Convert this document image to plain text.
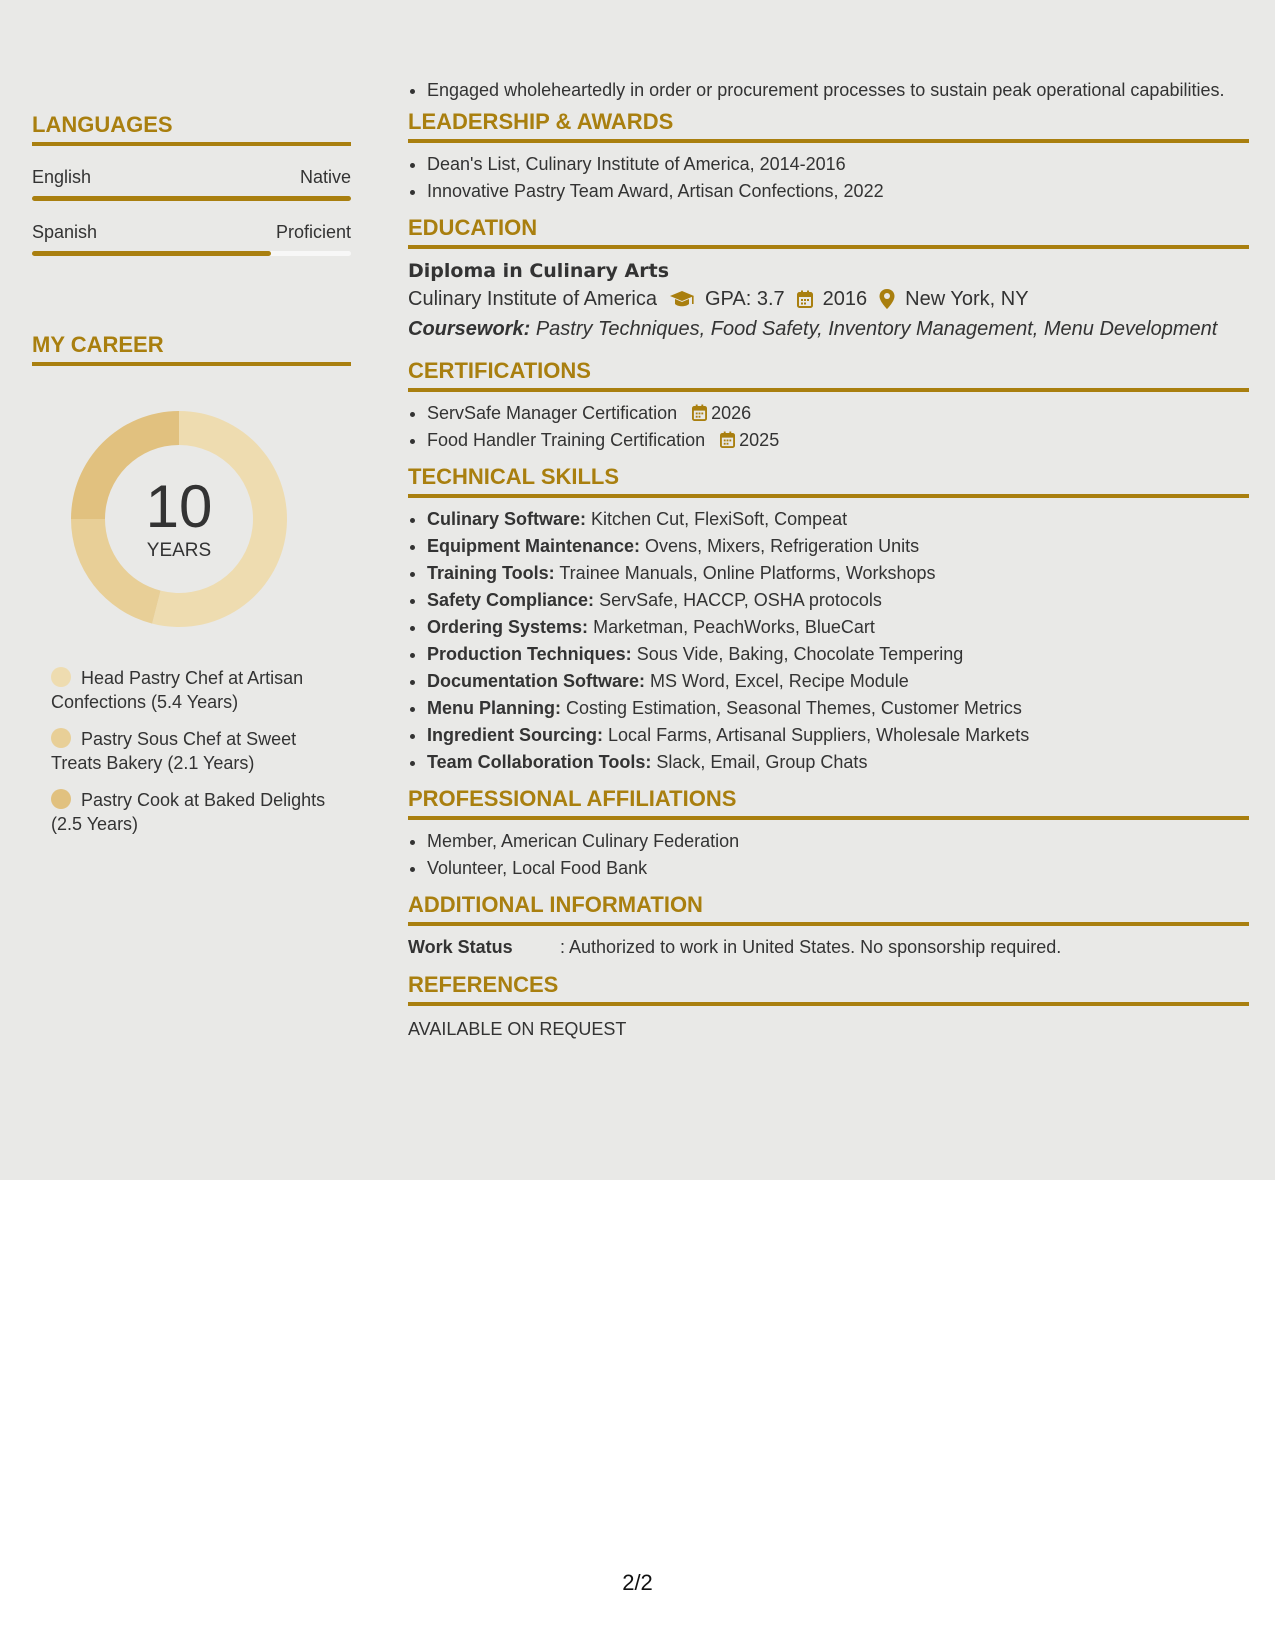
LANGUAGES
English	Native
Spanish	Proficient
MY CAREER
10
YEARS
Head Pastry Chef at Artisan Confections (5.4 Years)
Pastry Sous Chef at Sweet Treats Bakery (2.1 Years)
Pastry Cook at Baked Delights (2.5 Years)
• Engaged wholeheartedly in order or procurement processes to sustain peak operational capabilities.
LEADERSHIP & AWARDS
• Dean's List, Culinary Institute of America, 2014-2016
• Innovative Pastry Team Award, Artisan Confections, 2022
EDUCATION
Diploma in Culinary Arts
Culinary Institute of America GPA: 3.7 2016 New York, NY
Coursework: Pastry Techniques, Food Safety, Inventory Management, Menu Development
CERTIFICATIONS
• ServSafe Manager Certification 2026
• Food Handler Training Certification 2025
TECHNICAL SKILLS
• Culinary Software: Kitchen Cut, FlexiSoft, Compeat
• Equipment Maintenance: Ovens, Mixers, Refrigeration Units
• Training Tools: Trainee Manuals, Online Platforms, Workshops
• Safety Compliance: ServSafe, HACCP, OSHA protocols
• Ordering Systems: Marketman, PeachWorks, BlueCart
• Production Techniques: Sous Vide, Baking, Chocolate Tempering
• Documentation Software: MS Word, Excel, Recipe Module
• Menu Planning: Costing Estimation, Seasonal Themes, Customer Metrics
• Ingredient Sourcing: Local Farms, Artisanal Suppliers, Wholesale Markets
• Team Collaboration Tools: Slack, Email, Group Chats
PROFESSIONAL AFFILIATIONS
• Member, American Culinary Federation
• Volunteer, Local Food Bank
ADDITIONAL INFORMATION
Work Status	: Authorized to work in United States. No sponsorship required.
REFERENCES
AVAILABLE ON REQUEST
2/2
